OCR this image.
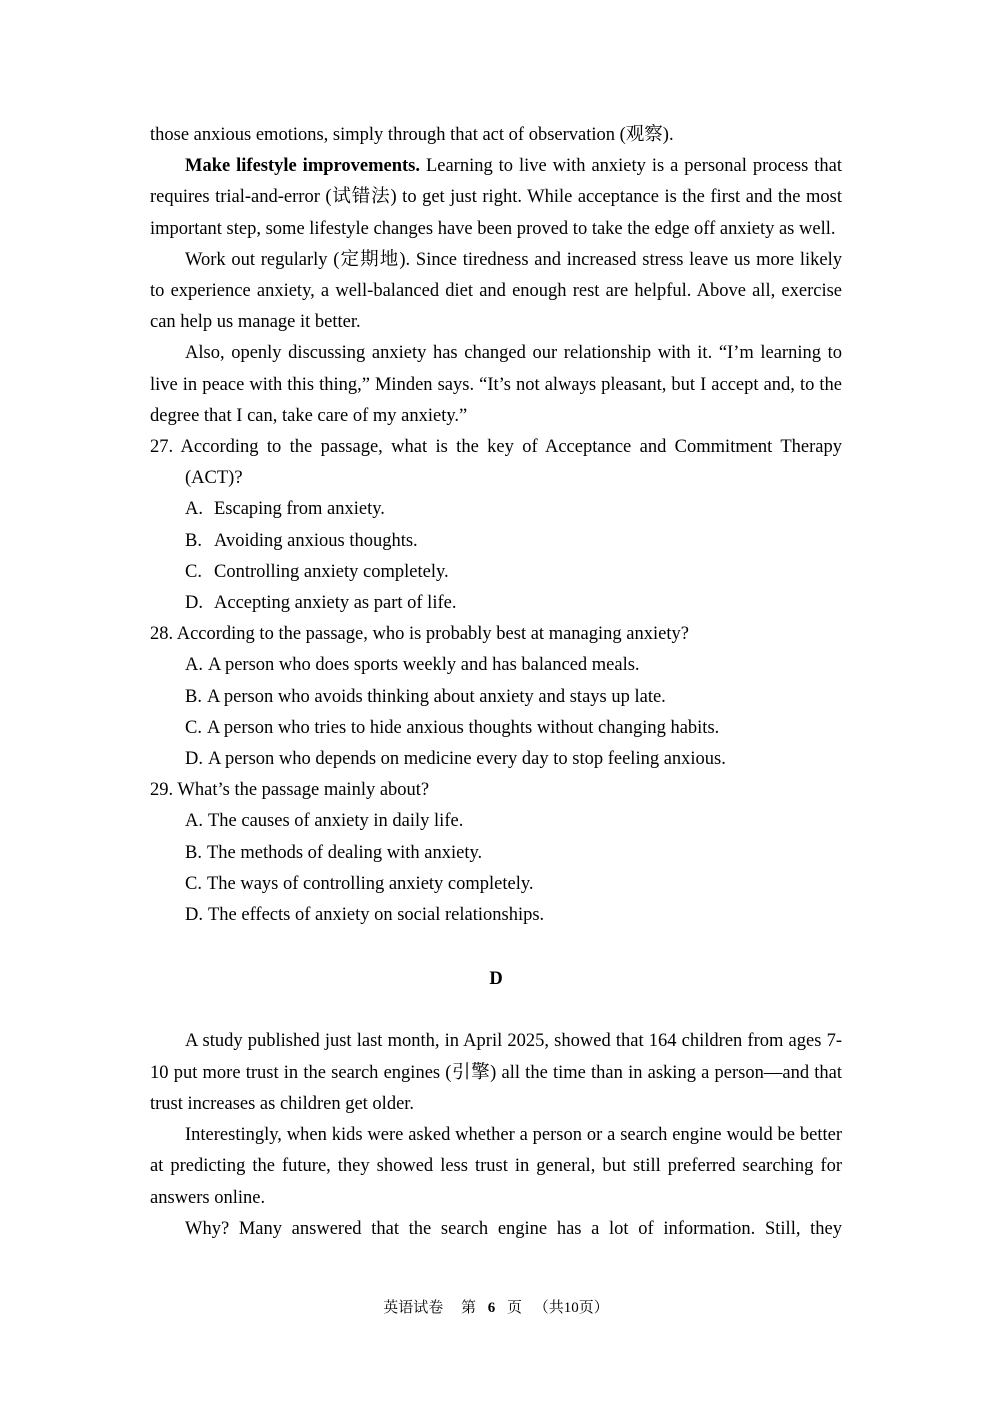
those anxious emotions, simply through that act of observation (观察).

Make lifestyle improvements. Learning to live with anxiety is a personal process that requires trial-and-error (试错法) to get just right. While acceptance is the first and the most important step, some lifestyle changes have been proved to take the edge off anxiety as well.

Work out regularly (定期地). Since tiredness and increased stress leave us more likely to experience anxiety, a well-balanced diet and enough rest are helpful. Above all, exercise can help us manage it better.

Also, openly discussing anxiety has changed our relationship with it. “I’m learning to live in peace with this thing,” Minden says. “It’s not always pleasant, but I accept and, to the degree that I can, take care of my anxiety.”

27. According to the passage, what is the key of Acceptance and Commitment Therapy (ACT)?

A. Escaping from anxiety.

B. Avoiding anxious thoughts.

C. Controlling anxiety completely.

D. Accepting anxiety as part of life.

28. According to the passage, who is probably best at managing anxiety?

A. A person who does sports weekly and has balanced meals.

B. A person who avoids thinking about anxiety and stays up late.

C. A person who tries to hide anxious thoughts without changing habits.

D. A person who depends on medicine every day to stop feeling anxious.

29. What’s the passage mainly about?

A. The causes of anxiety in daily life.

B. The methods of dealing with anxiety.

C. The ways of controlling anxiety completely.

D. The effects of anxiety on social relationships.

D

A study published just last month, in April 2025, showed that 164 children from ages 7-10 put more trust in the search engines (引擎) all the time than in asking a person—and that trust increases as children get older.

Interestingly, when kids were asked whether a person or a search engine would be better at predicting the future, they showed less trust in general, but still preferred searching for answers online.

Why? Many answered that the search engine has a lot of information. Still, they

英语试卷 第 6 页 （共10页）
